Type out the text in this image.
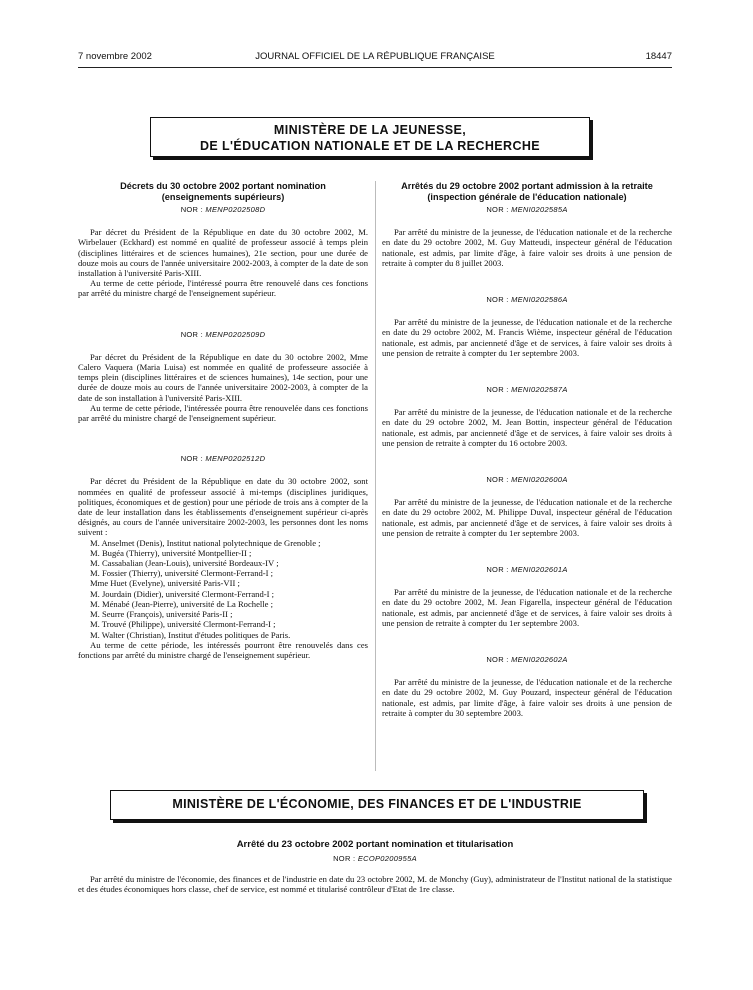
7 novembre 2002	JOURNAL OFFICIEL DE LA RÉPUBLIQUE FRANÇAISE	18447
MINISTÈRE DE LA JEUNESSE,
DE L'ÉDUCATION NATIONALE ET DE LA RECHERCHE

Décrets du 30 octobre 2002 portant nomination
(enseignements supérieurs)

NOR : MENP0202508D

Par décret du Président de la République en date du 30 octobre 2002, M. Wirbelauer (Eckhard) est nommé en qualité de professeur associé à temps plein (disciplines littéraires et de sciences humaines), 21e section, pour une durée de douze mois au cours de l'année universitaire 2002-2003, à compter de la date de son installation à l'université Paris-XIII.

Au terme de cette période, l'intéressé pourra être renouvelé dans ces fonctions par arrêté du ministre chargé de l'enseignement supérieur.

NOR : MENP0202509D

Par décret du Président de la République en date du 30 octobre 2002, Mme Calero Vaquera (Maria Luisa) est nommée en qualité de professeure associée à temps plein (disciplines littéraires et de sciences humaines), 14e section, pour une durée de douze mois au cours de l'année universitaire 2002-2003, à compter de la date de son installation à l'université Paris-XIII.

Au terme de cette période, l'intéressée pourra être renouvelée dans ces fonctions par arrêté du ministre chargé de l'enseignement supérieur.

NOR : MENP0202512D

Par décret du Président de la République en date du 30 octobre 2002, sont nommées en qualité de professeur associé à mi-temps (disciplines juridiques, politiques, économiques et de gestion) pour une période de trois ans à compter de la date de leur installation dans les établissements d'enseignement supérieur ci-après désignés, au cours de l'année universitaire 2002-2003, les personnes dont les noms suivent :

M. Anselmet (Denis), Institut national polytechnique de Grenoble ;

M. Bugéa (Thierry), université Montpellier-II ;

M. Cassabalian (Jean-Louis), université Bordeaux-IV ;

M. Fossier (Thierry), université Clermont-Ferrand-I ;

Mme Huet (Evelyne), université Paris-VII ;

M. Jourdain (Didier), université Clermont-Ferrand-I ;

M. Ménabé (Jean-Pierre), université de La Rochelle ;

M. Seurre (François), université Paris-II ;

M. Trouvé (Philippe), université Clermont-Ferrand-I ;

M. Walter (Christian), Institut d'études politiques de Paris.

Au terme de cette période, les intéressés pourront être renouvelés dans ces fonctions par arrêté du ministre chargé de l'enseignement supérieur.

Arrêtés du 29 octobre 2002 portant admission à la retraite
(inspection générale de l'éducation nationale)

NOR : MENI0202585A

Par arrêté du ministre de la jeunesse, de l'éducation nationale et de la recherche en date du 29 octobre 2002, M. Guy Matteudi, inspecteur général de l'éducation nationale, est admis, par limite d'âge, à faire valoir ses droits à une pension de retraite à compter du 8 juillet 2003.

NOR : MENI0202586A

Par arrêté du ministre de la jeunesse, de l'éducation nationale et de la recherche en date du 29 octobre 2002, M. Francis Wième, inspecteur général de l'éducation nationale, est admis, par ancienneté d'âge et de services, à faire valoir ses droits à une pension de retraite à compter du 1er septembre 2003.

NOR : MENI0202587A

Par arrêté du ministre de la jeunesse, de l'éducation nationale et de la recherche en date du 29 octobre 2002, M. Jean Bottin, inspecteur général de l'éducation nationale, est admis, par ancienneté d'âge et de services, à faire valoir ses droits à une pension de retraite à compter du 16 octobre 2003.

NOR : MENI0202600A

Par arrêté du ministre de la jeunesse, de l'éducation nationale et de la recherche en date du 29 octobre 2002, M. Philippe Duval, inspecteur général de l'éducation nationale, est admis, par ancienneté d'âge et de services, à faire valoir ses droits à une pension de retraite à compter du 1er septembre 2003.

NOR : MENI0202601A

Par arrêté du ministre de la jeunesse, de l'éducation nationale et de la recherche en date du 29 octobre 2002, M. Jean Figarella, inspecteur général de l'éducation nationale, est admis, par ancienneté d'âge et de services, à faire valoir ses droits à une pension de retraite à compter du 1er septembre 2003.

NOR : MENI0202602A

Par arrêté du ministre de la jeunesse, de l'éducation nationale et de la recherche en date du 29 octobre 2002, M. Guy Pouzard, inspecteur général de l'éducation nationale, est admis, par limite d'âge, à faire valoir ses droits à une pension de retraite à compter du 30 septembre 2003.

MINISTÈRE DE L'ÉCONOMIE, DES FINANCES ET DE L'INDUSTRIE

Arrêté du 23 octobre 2002 portant nomination et titularisation

NOR : ECOP0200955A

Par arrêté du ministre de l'économie, des finances et de l'industrie en date du 23 octobre 2002, M. de Monchy (Guy), administrateur de l'Institut national de la statistique et des études économiques hors classe, chef de service, est nommé et titularisé contrôleur d'Etat de 1re classe.
